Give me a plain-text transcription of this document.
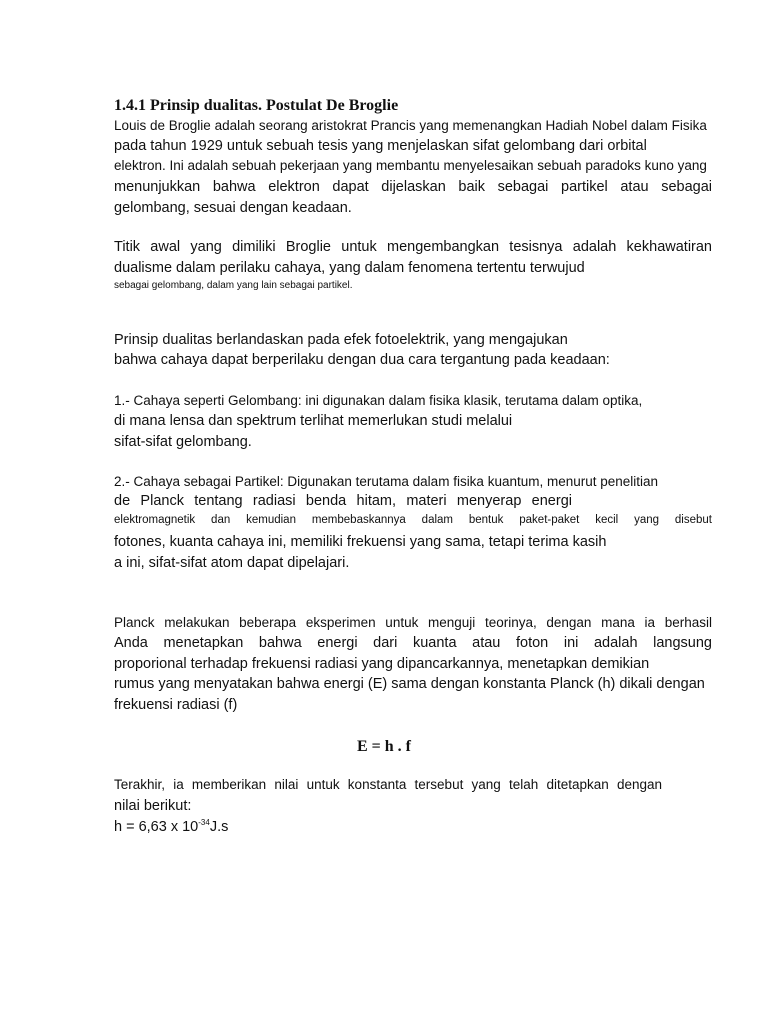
1.4.1 Prinsip dualitas. Postulat De Broglie
Louis de Broglie adalah seorang aristokrat Prancis yang memenangkan Hadiah Nobel dalam Fisika
pada tahun 1929 untuk sebuah tesis yang menjelaskan sifat gelombang dari orbital
elektron. Ini adalah sebuah pekerjaan yang membantu menyelesaikan sebuah paradoks kuno yang
menunjukkan bahwa elektron dapat dijelaskan baik sebagai partikel atau sebagai
gelombang, sesuai dengan keadaan.
Titik awal yang dimiliki Broglie untuk mengembangkan tesisnya adalah kekhawatiran
dualisme dalam perilaku cahaya, yang dalam fenomena tertentu terwujud
sebagai gelombang, dalam yang lain sebagai partikel.
Prinsip dualitas berlandaskan pada efek fotoelektrik, yang mengajukan
bahwa cahaya dapat berperilaku dengan dua cara tergantung pada keadaan:
1.- Cahaya seperti Gelombang: ini digunakan dalam fisika klasik, terutama dalam optika,
di mana lensa dan spektrum terlihat memerlukan studi melalui
sifat-sifat gelombang.
2.- Cahaya sebagai Partikel: Digunakan terutama dalam fisika kuantum, menurut penelitian
de Planck tentang radiasi benda hitam, materi menyerap energi
elektromagnetik dan kemudian membebaskannya dalam bentuk paket-paket kecil yang disebut
fotones, kuanta cahaya ini, memiliki frekuensi yang sama, tetapi terima kasih
a ini, sifat-sifat atom dapat dipelajari.
Planck melakukan beberapa eksperimen untuk menguji teorinya, dengan mana ia berhasil
Anda menetapkan bahwa energi dari kuanta atau foton ini adalah langsung
proporional terhadap frekuensi radiasi yang dipancarkannya, menetapkan demikian
rumus yang menyatakan bahwa energi (E) sama dengan konstanta Planck (h) dikali dengan
frekuensi radiasi (f)
E = h . f
Terakhir, ia memberikan nilai untuk konstanta tersebut yang telah ditetapkan dengan
nilai berikut:
h = 6,63 x $10^{-34}J.s$
